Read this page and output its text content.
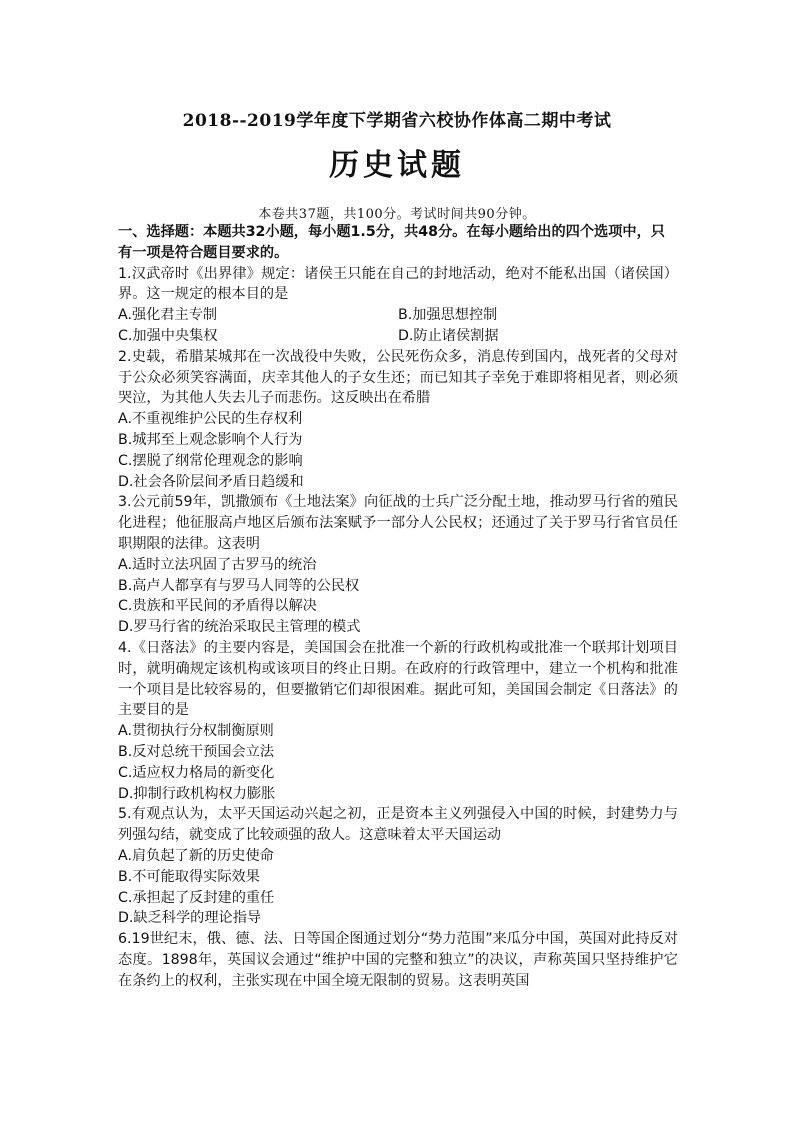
2018--2019学年度下学期省六校协作体高二期中考试
历史试题
本卷共37题，共100分。考试时间共90分钟。

一、选择题：本题共32小题，每小题1.5分，共48分。在每小题给出的四个选项中，只有一项是符合题目要求的。

1.汉武帝时《出界律》规定：诸侯王只能在自己的封地活动，绝对不能私出国（诸侯国）界。这一规定的根本目的是

A.强化君主专制	B.加强思想控制
C.加强中央集权	D.防止诸侯割据

2.史载，希腊某城邦在一次战役中失败，公民死伤众多，消息传到国内，战死者的父母对于公众必须笑容满面，庆幸其他人的子女生还；而已知其子幸免于难即将相见者，则必须哭泣，为其他人失去儿子而悲伤。这反映出在希腊

A.不重视维护公民的生存权利

B.城邦至上观念影响个人行为

C.摆脱了纲常伦理观念的影响

D.社会各阶层间矛盾日趋缓和

3.公元前59年，凯撒颁布《土地法案》向征战的士兵广泛分配土地，推动罗马行省的殖民化进程；他征服高卢地区后颁布法案赋予一部分人公民权；还通过了关于罗马行省官员任职期限的法律。这表明

A.适时立法巩固了古罗马的统治

B.高卢人都享有与罗马人同等的公民权

C.贵族和平民间的矛盾得以解决

D.罗马行省的统治采取民主管理的模式

4.《日落法》的主要内容是，美国国会在批准一个新的行政机构或批准一个联邦计划项目时，就明确规定该机构或该项目的终止日期。在政府的行政管理中，建立一个机构和批准一个项目是比较容易的，但要撤销它们却很困难。据此可知，美国国会制定《日落法》的主要目的是

A.贯彻执行分权制衡原则

B.反对总统干预国会立法

C.适应权力格局的新变化

D.抑制行政机构权力膨胀

5.有观点认为，太平天国运动兴起之初，正是资本主义列强侵入中国的时候，封建势力与列强勾结，就变成了比较顽强的敌人。这意味着太平天国运动

A.肩负起了新的历史使命

B.不可能取得实际效果

C.承担起了反封建的重任

D.缺乏科学的理论指导

6.19世纪末，俄、德、法、日等国企图通过划分“势力范围”来瓜分中国，英国对此持反对态度。1898年，英国议会通过“维护中国的完整和独立”的决议，声称英国只坚持维护它在条约上的权利，主张实现在中国全境无限制的贸易。这表明英国
